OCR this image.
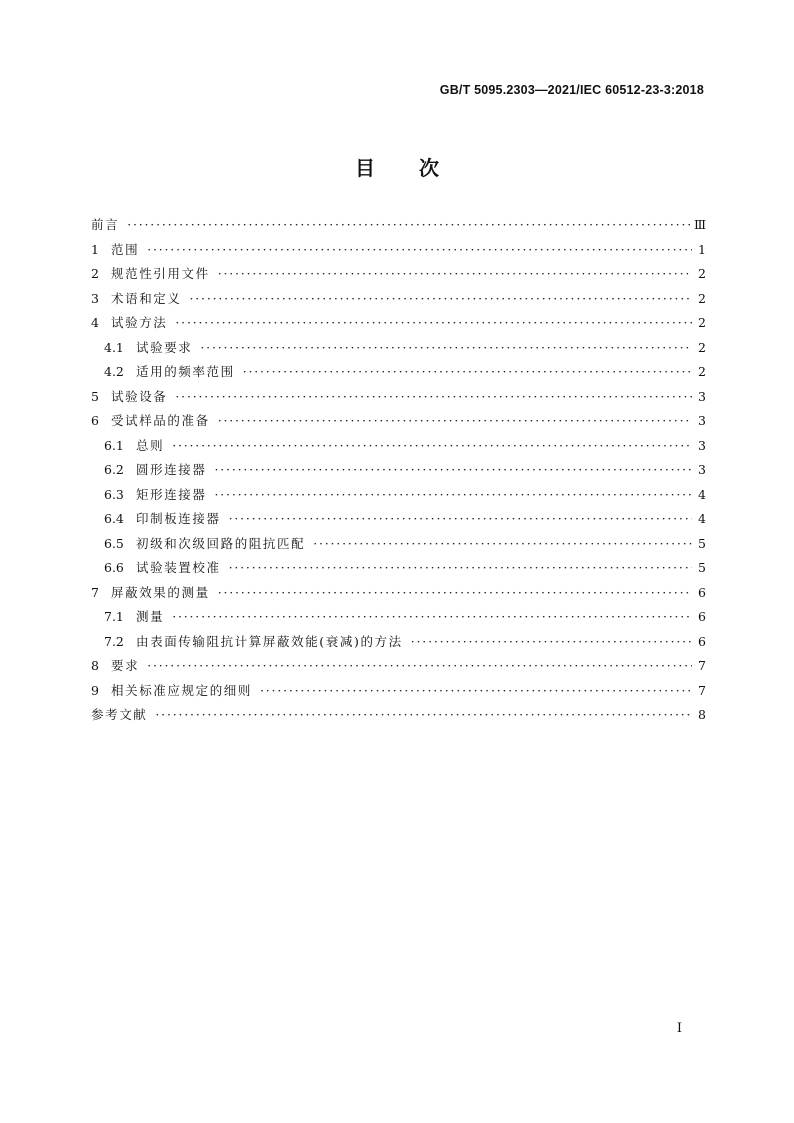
GB/T 5095.2303—2021/IEC 60512-23-3:2018
目 次
前言 ·····	Ⅲ
1 范围 ·····	1
2 规范性引用文件 ·····	2
3 术语和定义 ·····	2
4 试验方法 ·····	2
4.1 试验要求 ·····	2
4.2 适用的频率范围 ·····	2
5 试验设备 ·····	3
6 受试样品的准备 ·····	3
6.1 总则 ·····	3
6.2 圆形连接器 ·····	3
6.3 矩形连接器 ·····	4
6.4 印制板连接器 ·····	4
6.5 初级和次级回路的阻抗匹配 ·····	5
6.6 试验装置校准 ·····	5
7 屏蔽效果的测量 ·····	6
7.1 测量 ·····	6
7.2 由表面传输阻抗计算屏蔽效能(衰减)的方法 ·····	6
8 要求 ·····	7
9 相关标准应规定的细则 ·····	7
参考文献 ·····	8
I
